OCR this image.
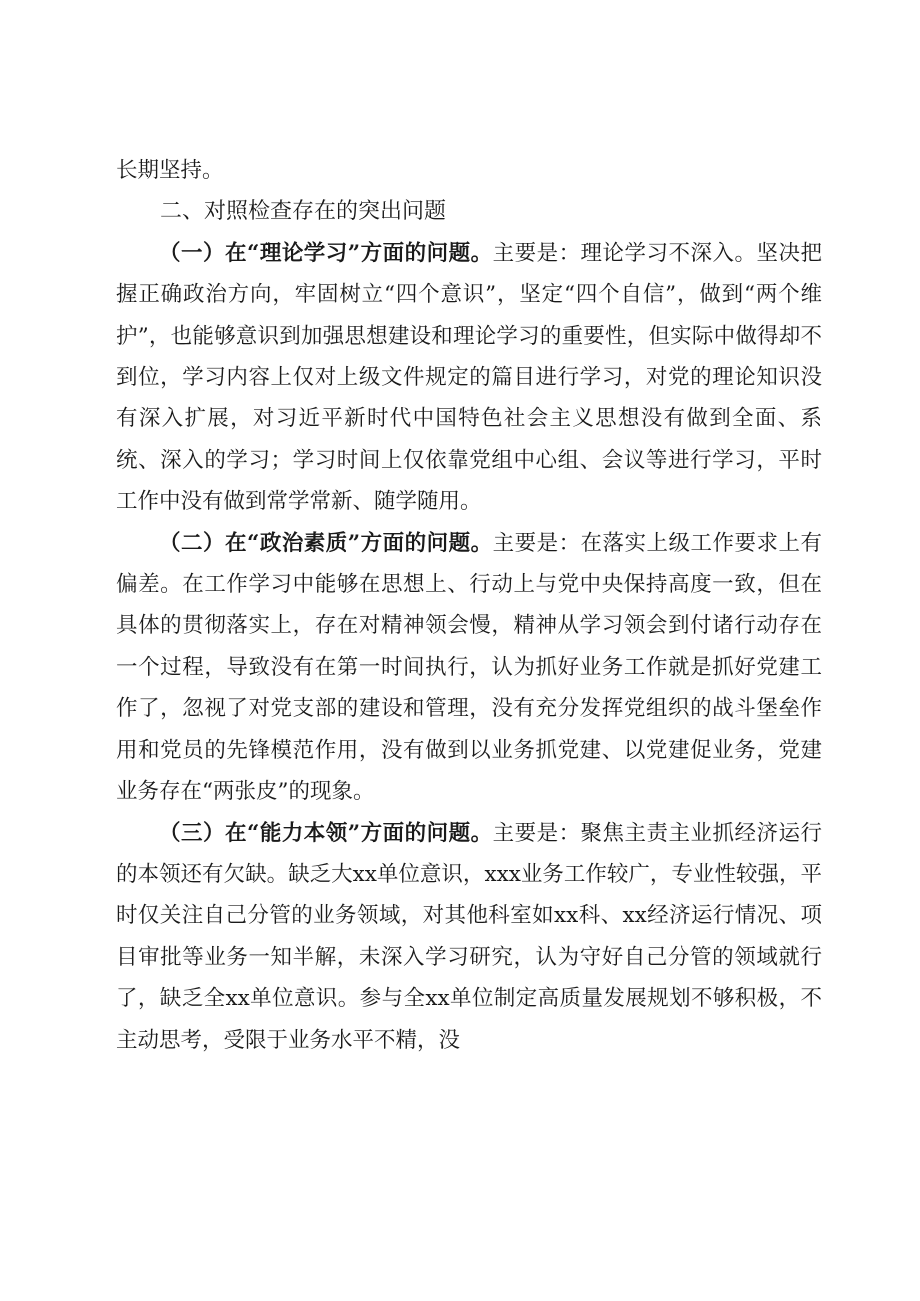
长期坚持。

二、对照检查存在的突出问题

（一）在“理论学习”方面的问题。主要是：理论学习不深入。坚决把握正确政治方向，牢固树立“四个意识”，坚定“四个自信”，做到“两个维护”，也能够意识到加强思想建设和理论学习的重要性，但实际中做得却不到位，学习内容上仅对上级文件规定的篇目进行学习，对党的理论知识没有深入扩展，对习近平新时代中国特色社会主义思想没有做到全面、系统、深入的学习；学习时间上仅依靠党组中心组、会议等进行学习，平时工作中没有做到常学常新、随学随用。

（二）在“政治素质”方面的问题。主要是：在落实上级工作要求上有偏差。在工作学习中能够在思想上、行动上与党中央保持高度一致，但在具体的贯彻落实上，存在对精神领会慢，精神从学习领会到付诸行动存在一个过程，导致没有在第一时间执行，认为抓好业务工作就是抓好党建工作了，忽视了对党支部的建设和管理，没有充分发挥党组织的战斗堡垒作用和党员的先锋模范作用，没有做到以业务抓党建、以党建促业务，党建业务存在“两张皮”的现象。

（三）在“能力本领”方面的问题。主要是：聚焦主责主业抓经济运行的本领还有欠缺。缺乏大xx单位意识，xxx业务工作较广，专业性较强，平时仅关注自己分管的业务领域，对其他科室如xx科、xx经济运行情况、项目审批等业务一知半解，未深入学习研究，认为守好自己分管的领域就行了，缺乏全xx单位意识。参与全xx单位制定高质量发展规划不够积极，不主动思考，受限于业务水平不精，没
